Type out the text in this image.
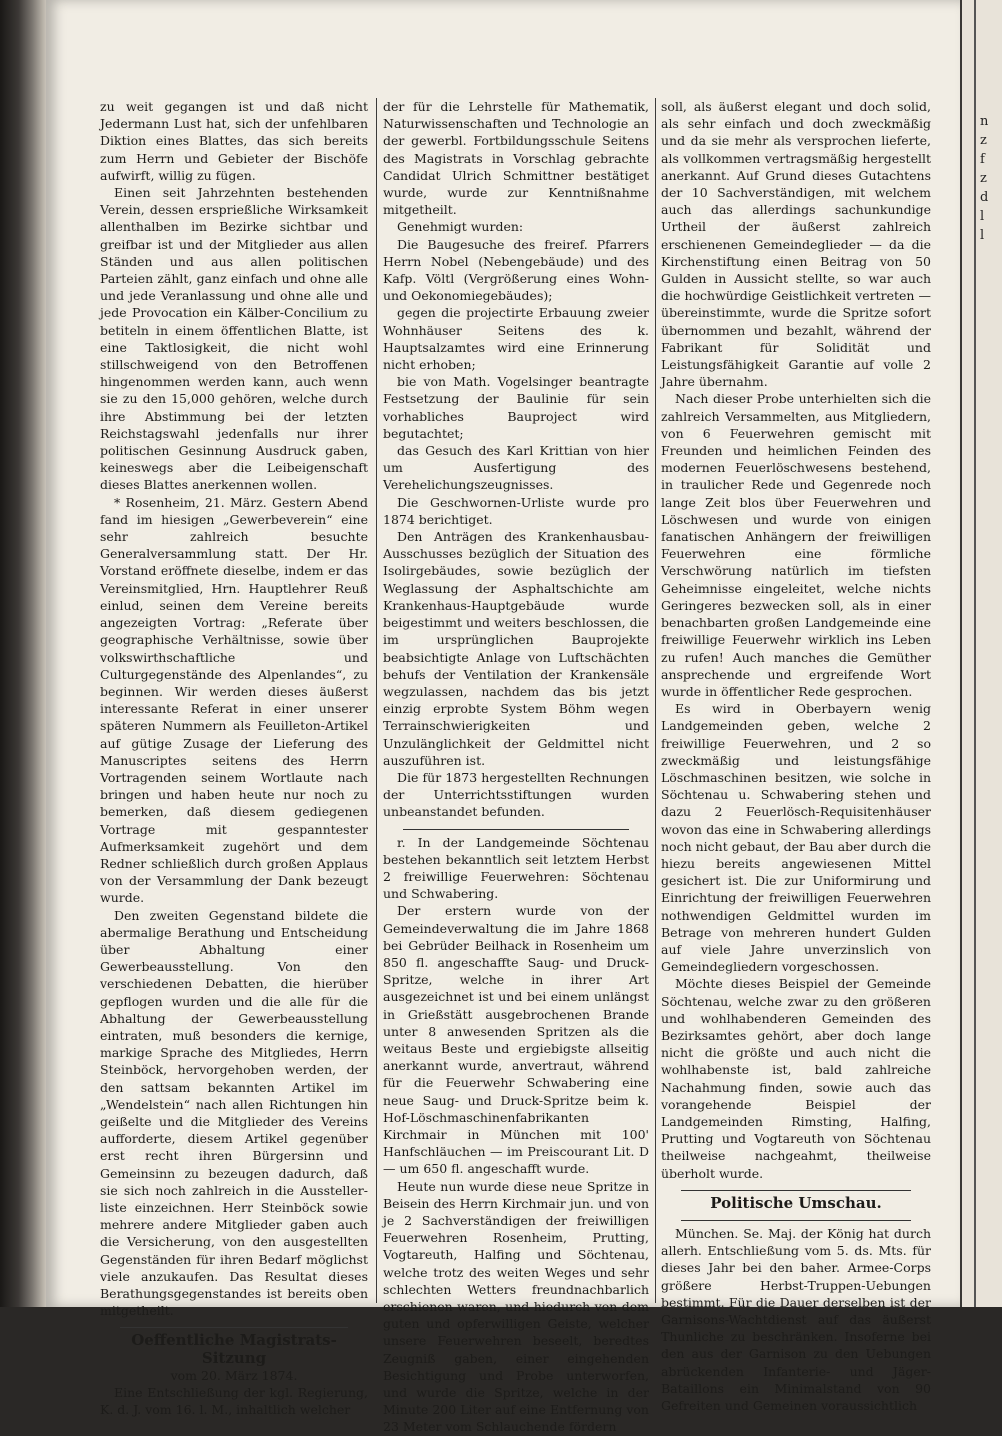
n
z
f
z
d
l
l

zu weit gegangen ist und daß nicht Jedermann Lust hat, sich der unfehlbaren Diktion eines Blattes, das sich bereits zum Herrn und Gebieter der Bischöfe aufwirft, willig zu fügen.

Einen seit Jahrzehnten bestehenden Verein, dessen ersprießliche Wirksamkeit allenthalben im Bezirke sichtbar und greifbar ist und der Mitglieder aus allen Ständen und aus allen politischen Parteien zählt, ganz einfach und ohne alle und jede Veranlassung und ohne alle und jede Provocation ein Kälber-Concilium zu betiteln in einem öffentlichen Blatte, ist eine Taktlosigkeit, die nicht wohl stillschweigend von den Betroffenen hingenommen werden kann, auch wenn sie zu den 15,000 gehören, welche durch ihre Abstimmung bei der letzten Reichstagswahl jedenfalls nur ihrer politischen Gesinnung Ausdruck gaben, keineswegs aber die Leibeigenschaft dieses Blattes anerkennen wollen.

* Rosenheim, 21. März. Gestern Abend fand im hiesigen „Gewerbeverein“ eine sehr zahlreich besuchte Generalversammlung statt. Der Hr. Vorstand eröffnete dieselbe, indem er das Vereinsmitglied, Hrn. Hauptlehrer Reuß einlud, seinen dem Vereine bereits angezeigten Vortrag: „Referate über geographische Verhältnisse, sowie über volkswirthschaftliche und Culturgegenstände des Alpenlandes“, zu beginnen. Wir werden dieses äußerst interessante Referat in einer unserer späteren Nummern als Feuilleton-Artikel auf gütige Zusage der Lieferung des Manuscriptes seitens des Herrn Vortragenden seinem Wortlaute nach bringen und haben heute nur noch zu bemerken, daß diesem gediegenen Vortrage mit gespanntester Aufmerksamkeit zugehört und dem Redner schließlich durch großen Applaus von der Versammlung der Dank bezeugt wurde.

Den zweiten Gegenstand bildete die abermalige Berathung und Entscheidung über Abhaltung einer Gewerbeausstellung. Von den verschiedenen Debatten, die hierüber gepflogen wurden und die alle für die Abhaltung der Gewerbeausstellung eintraten, muß besonders die kernige, markige Sprache des Mitgliedes, Herrn Steinböck, hervorgehoben werden, der den sattsam bekannten Artikel im „Wendelstein“ nach allen Richtungen hin geißelte und die Mitglieder des Vereins aufforderte, diesem Artikel gegenüber erst recht ihren Bürgersinn und Gemeinsinn zu bezeugen dadurch, daß sie sich noch zahlreich in die Aussteller-liste einzeichnen. Herr Steinböck sowie mehrere andere Mitglieder gaben auch die Versicherung, von den ausgestellten Gegenständen für ihren Bedarf möglichst viele anzukaufen. Das Resultat dieses Berathungsgegenstandes ist bereits oben mitgetheilt.

Oeffentliche Magistrats-Sitzung

vom 20. März 1874.

Eine Entschließung der kgl. Regierung, K. d. J. vom 16. l. M., inhaltlich welcher

der für die Lehrstelle für Mathematik, Naturwissenschaften und Technologie an der gewerbl. Fortbildungsschule Seitens des Magistrats in Vorschlag gebrachte Candidat Ulrich Schmittner bestätiget wurde, wurde zur Kenntnißnahme mitgetheilt.

Genehmigt wurden:

Die Baugesuche des freiref. Pfarrers Herrn Nobel (Nebengebäude) und des Kafp. Völtl (Vergrößerung eines Wohn- und Oekonomiegebäudes);

gegen die projectirte Erbauung zweier Wohnhäuser Seitens des k. Hauptsalzamtes wird eine Erinnerung nicht erhoben;

bie von Math. Vogelsinger beantragte Festsetzung der Baulinie für sein vorhabliches Bauproject wird begutachtet;

das Gesuch des Karl Krittian von hier um Ausfertigung des Verehelichungszeugnisses.

Die Geschwornen-Urliste wurde pro 1874 berichtiget.

Den Anträgen des Krankenhausbau-Ausschusses bezüglich der Situation des Isolirgebäudes, sowie bezüglich der Weglassung der Asphaltschichte am Krankenhaus-Hauptgebäude wurde beigestimmt und weiters beschlossen, die im ursprünglichen Bauprojekte beabsichtigte Anlage von Luftschächten behufs der Ventilation der Krankensäle wegzulassen, nachdem das bis jetzt einzig erprobte System Böhm wegen Terrainschwierigkeiten und Unzulänglichkeit der Geldmittel nicht auszuführen ist.

Die für 1873 hergestellten Rechnungen der Unterrichtsstiftungen wurden unbeanstandet befunden.

r. In der Landgemeinde Söchtenau bestehen bekanntlich seit letztem Herbst 2 freiwillige Feuerwehren: Söchtenau und Schwabering.

Der erstern wurde von der Gemeindeverwaltung die im Jahre 1868 bei Gebrüder Beilhack in Rosenheim um 850 fl. angeschaffte Saug- und Druck-Spritze, welche in ihrer Art ausgezeichnet ist und bei einem unlängst in Grießstätt ausgebrochenen Brande unter 8 anwesenden Spritzen als die weitaus Beste und ergiebigste allseitig anerkannt wurde, anvertraut, während für die Feuerwehr Schwabering eine neue Saug- und Druck-Spritze beim k. Hof-Löschmaschinenfabrikanten Kirchmair in München mit 100' Hanfschläuchen — im Preiscourant Lit. D — um 650 fl. angeschafft wurde.

Heute nun wurde diese neue Spritze in Beisein des Herrn Kirchmair jun. und von je 2 Sachverständigen der freiwilligen Feuerwehren Rosenheim, Prutting, Vogtareuth, Halfing und Söchtenau, welche trotz des weiten Weges und sehr schlechten Wetters freundnachbarlich erschienen waren, und hiedurch von dem guten und opferwilligen Geiste, welcher unsere Feuerwehren beseelt, beredtes Zeugniß gaben, einer eingehenden Besichtigung und Probe unterworfen, und wurde die Spritze, welche in der Minute 200 Liter auf eine Entfernung von 23 Meter vom Schlauchende fördern

soll, als äußerst elegant und doch solid, als sehr einfach und doch zweckmäßig und da sie mehr als versprochen lieferte, als vollkommen vertragsmäßig hergestellt anerkannt. Auf Grund dieses Gutachtens der 10 Sachverständigen, mit welchem auch das allerdings sachunkundige Urtheil der äußerst zahlreich erschienenen Gemeindeglieder — da die Kirchenstiftung einen Beitrag von 50 Gulden in Aussicht stellte, so war auch die hochwürdige Geistlichkeit vertreten — übereinstimmte, wurde die Spritze sofort übernommen und bezahlt, während der Fabrikant für Solidität und Leistungsfähigkeit Garantie auf volle 2 Jahre übernahm.

Nach dieser Probe unterhielten sich die zahlreich Versammelten, aus Mitgliedern, von 6 Feuerwehren gemischt mit Freunden und heimlichen Feinden des modernen Feuerlöschwesens bestehend, in traulicher Rede und Gegenrede noch lange Zeit blos über Feuerwehren und Löschwesen und wurde von einigen fanatischen Anhängern der freiwilligen Feuerwehren eine förmliche Verschwörung natürlich im tiefsten Geheimnisse eingeleitet, welche nichts Geringeres bezwecken soll, als in einer benachbarten großen Landgemeinde eine freiwillige Feuerwehr wirklich ins Leben zu rufen! Auch manches die Gemüther ansprechende und ergreifende Wort wurde in öffentlicher Rede gesprochen.

Es wird in Oberbayern wenig Landgemeinden geben, welche 2 freiwillige Feuerwehren, und 2 so zweckmäßig und leistungsfähige Löschmaschinen besitzen, wie solche in Söchtenau u. Schwabering stehen und dazu 2 Feuerlösch-Requisitenhäuser wovon das eine in Schwabering allerdings noch nicht gebaut, der Bau aber durch die hiezu bereits angewiesenen Mittel gesichert ist. Die zur Uniformirung und Einrichtung der freiwilligen Feuerwehren nothwendigen Geldmittel wurden im Betrage von mehreren hundert Gulden auf viele Jahre unverzinslich von Gemeindegliedern vorgeschossen.

Möchte dieses Beispiel der Gemeinde Söchtenau, welche zwar zu den größeren und wohlhabenderen Gemeinden des Bezirksamtes gehört, aber doch lange nicht die größte und auch nicht die wohlhabenste ist, bald zahlreiche Nachahmung finden, sowie auch das vorangehende Beispiel der Landgemeinden Rimsting, Halfing, Prutting und Vogtareuth von Söchtenau theilweise nachgeahmt, theilweise überholt wurde.

Politische Umschau.

München. Se. Maj. der König hat durch allerh. Entschließung vom 5. ds. Mts. für dieses Jahr bei den baher. Armee-Corps größere Herbst-Truppen-Uebungen bestimmt. Für die Dauer derselben ist der Garnisons-Wachtdienst auf das äußerst Thunliche zu beschränken. Insoferne bei den aus der Garnison zu den Uebungen abrückenden Infanterie- und Jäger-Bataillons ein Minimalstand von 90 Gefreiten und Gemeinen voraussichtlich
